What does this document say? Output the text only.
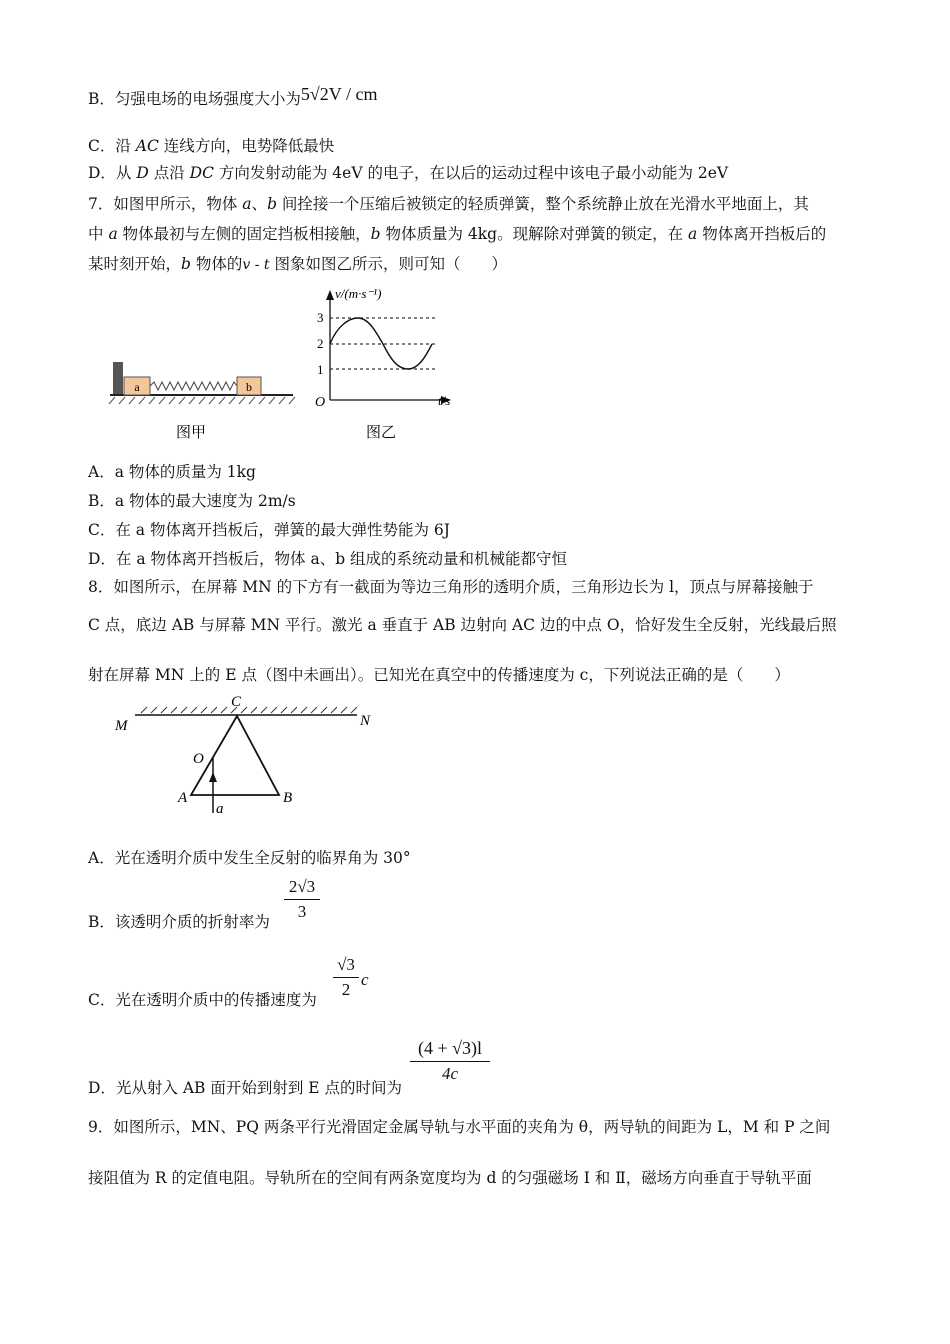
B．匀强电场的电场强度大小为5√2V / cm
C．沿 AC 连线方向，电势降低最快
D．从 D 点沿 DC 方向发射动能为 4eV 的电子，在以后的运动过程中该电子最小动能为 2eV
7．如图甲所示，物体 a、b 间拴接一个压缩后被锁定的轻质弹簧，整个系统静止放在光滑水平地面上，其
中 a 物体最初与左侧的固定挡板相接触，b 物体质量为 4kg。现解除对弹簧的锁定，在 a 物体离开挡板后的
某时刻开始，b 物体的v - t 图象如图乙所示，则可知（　　）
a	b
图甲
v/(m·s⁻¹)
t/s
O
3
2
1
图乙
A．a 物体的质量为 1kg
B．a 物体的最大速度为 2m/s
C．在 a 物体离开挡板后，弹簧的最大弹性势能为 6J
D．在 a 物体离开挡板后，物体 a、b 组成的系统动量和机械能都守恒
8．如图所示，在屏幕 MN 的下方有一截面为等边三角形的透明介质，三角形边长为 l，顶点与屏幕接触于
C 点，底边 AB 与屏幕 MN 平行。激光 a 垂直于 AB 边射向 AC 边的中点 O，恰好发生全反射，光线最后照
射在屏幕 MN 上的 E 点（图中未画出）。已知光在真空中的传播速度为 c，下列说法正确的是（　　）
M	N
C
O
A	B
a
A．光在透明介质中发生全反射的临界角为 30°
B．该透明介质的折射率为
2√3
3
C．光在透明介质中的传播速度为
√3
2
c
D．光从射入 AB 面开始到射到 E 点的时间为
(4 + √3)l
4c
9．如图所示，MN、PQ 两条平行光滑固定金属导轨与水平面的夹角为 θ，两导轨的间距为 L，M 和 P 之间
接阻值为 R 的定值电阻。导轨所在的空间有两条宽度均为 d 的匀强磁场 Ⅰ 和 Ⅱ，磁场方向垂直于导轨平面
